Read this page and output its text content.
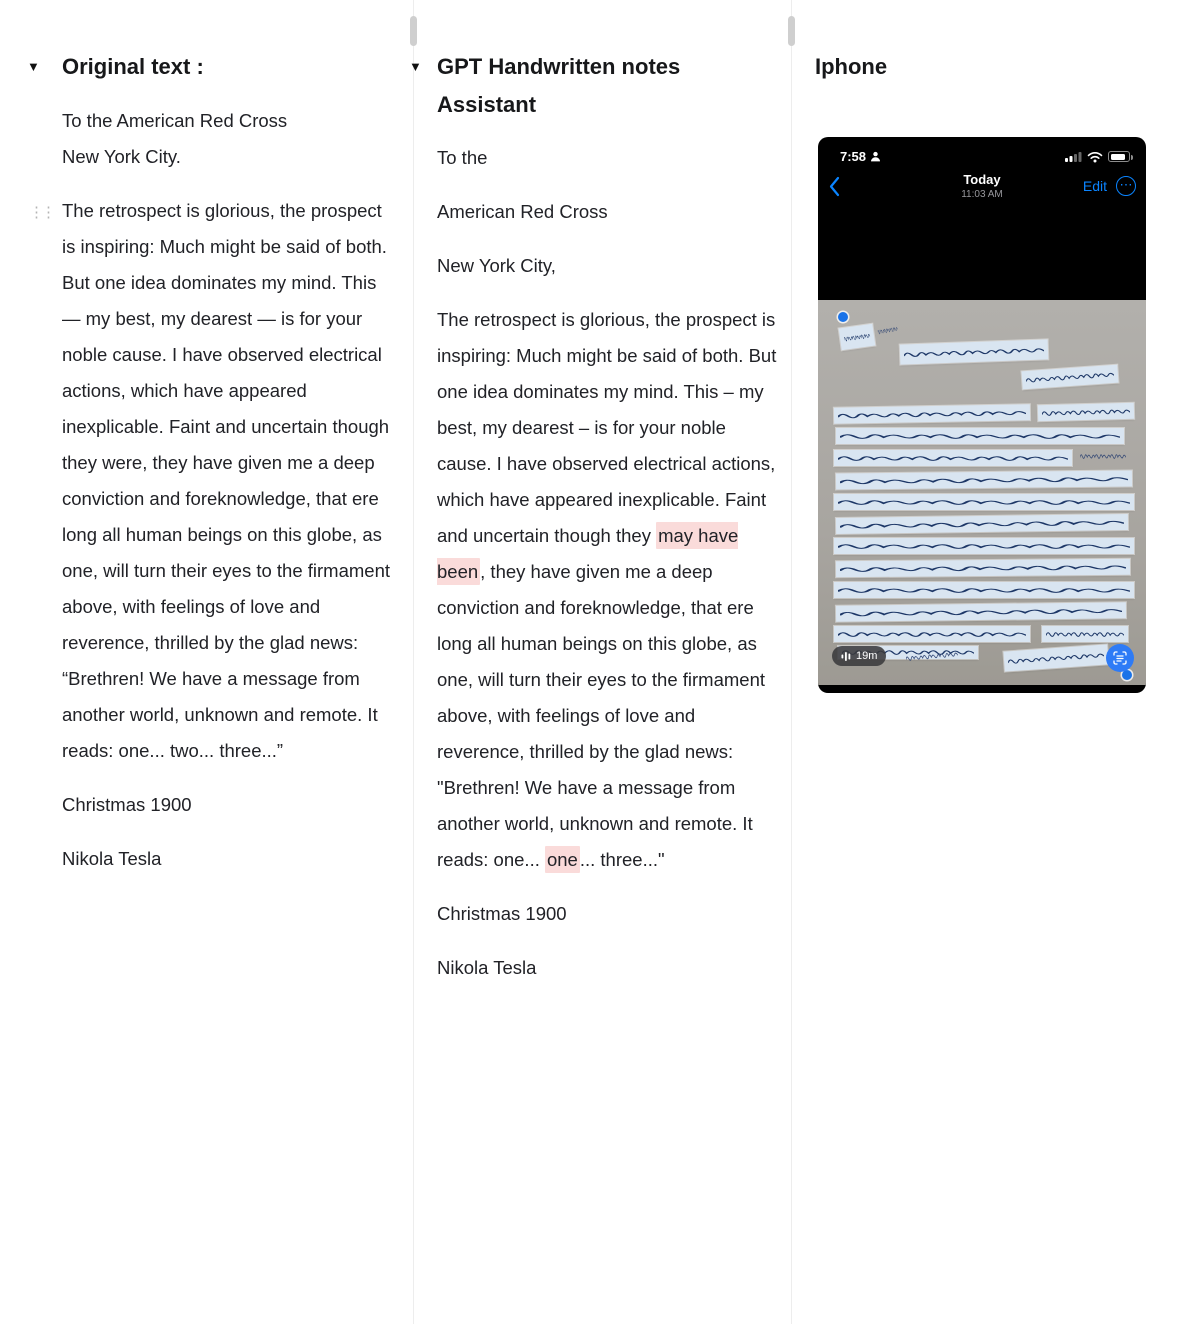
▼ Original text :

To the American Red Cross
New York City.

⋮⋮ The retrospect is glorious, the prospect is inspiring: Much might be said of both. But one idea dominates my mind. This — my best, my dearest — is for your noble cause. I have observed electrical actions, which have appeared inexplicable. Faint and uncertain though they were, they have given me a deep conviction and foreknowledge, that ere long all human beings on this globe, as one, will turn their eyes to the firmament above, with feelings of love and reverence, thrilled by the glad news: “Brethren! We have a message from another world, unknown and remote. It reads: one... two... three...”

Christmas 1900

Nikola Tesla

▼ GPT Handwritten notes Assistant

To the

American Red Cross

New York City,

The retrospect is glorious, the prospect is inspiring: Much might be said of both. But one idea dominates my mind. This – my best, my dearest – is for your noble cause. I have observed electrical actions, which have appeared inexplicable. Faint and uncertain though they may have been , they have given me a deep conviction and foreknowledge, that ere long all human beings on this globe, as one, will turn their eyes to the firmament above, with feelings of love and reverence, thrilled by the glad news: "Brethren! We have a message from another world, unknown and remote. It reads: one... one ... three..."

Christmas 1900

Nikola Tesla

Iphone
7:58
Today
11:03 AM
Edit ⋯
19m
